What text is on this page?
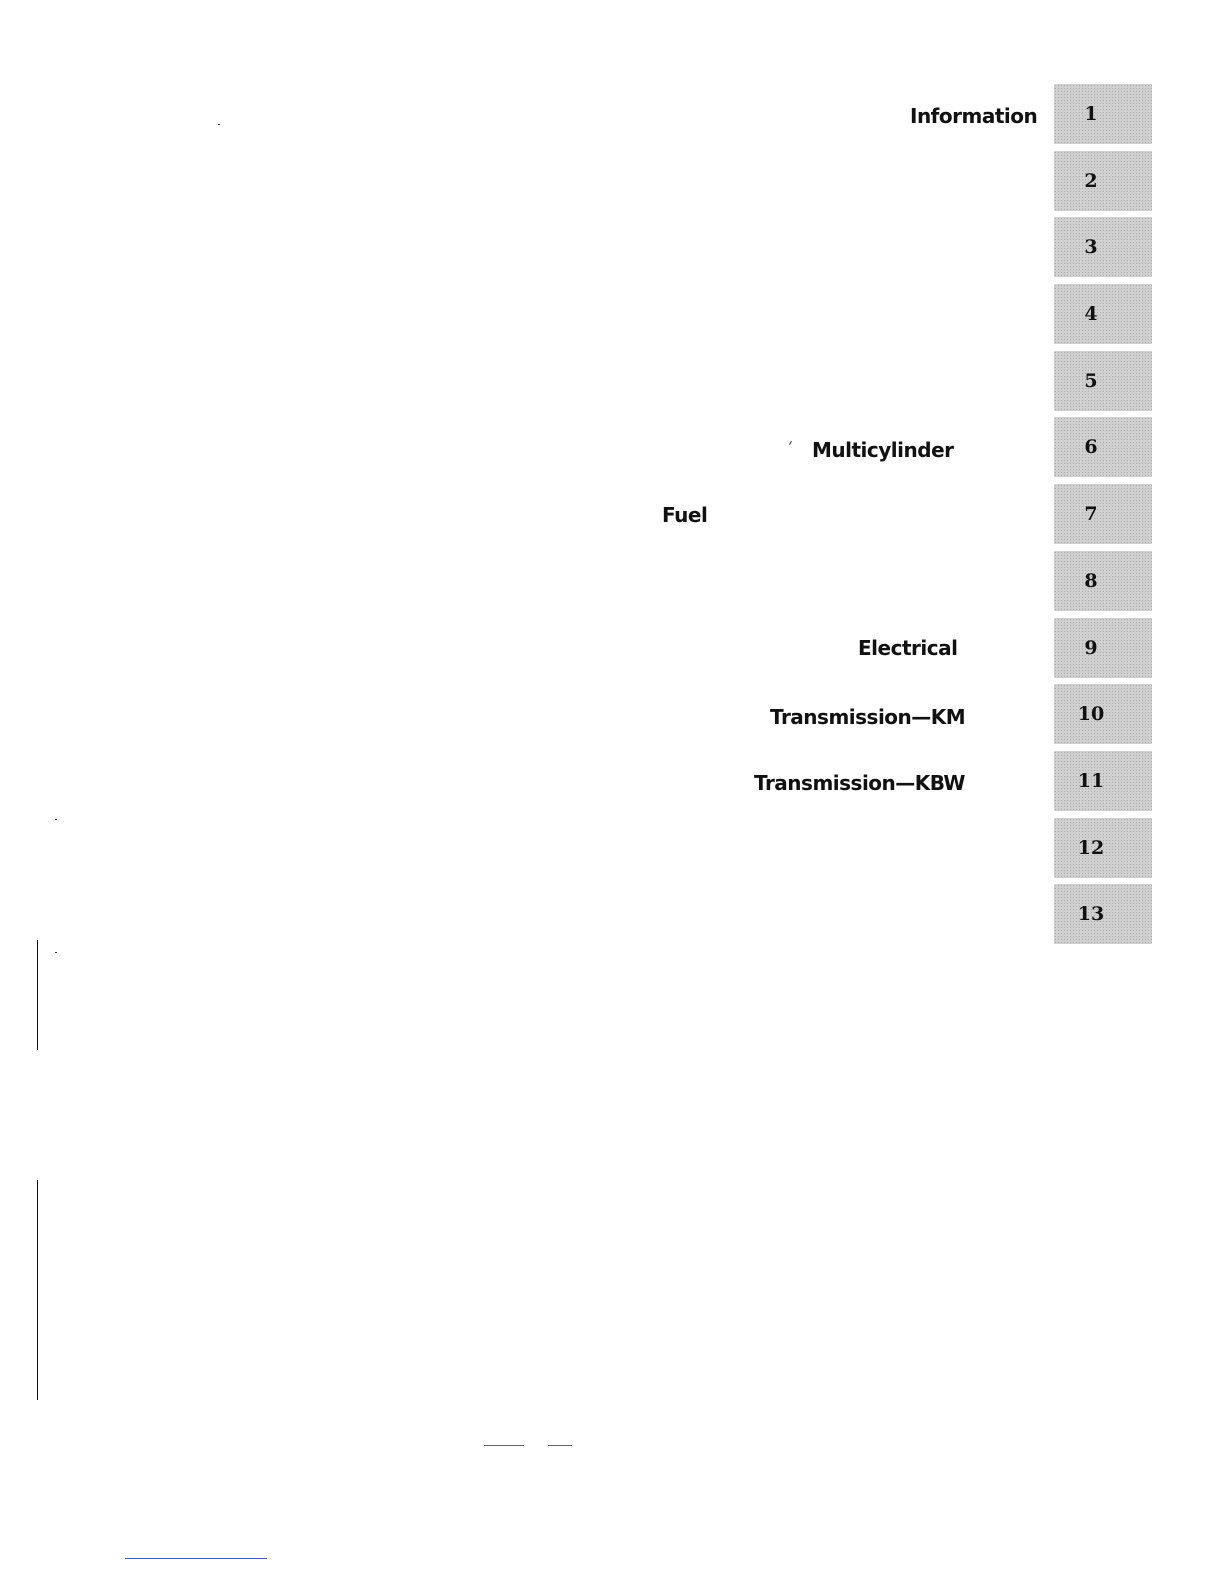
Information
Multicylinder
Fuel
Electrical
Transmission—KM
Transmission—KBW
1
2
3
4
5
6
7
8
9
10
11
12
13
